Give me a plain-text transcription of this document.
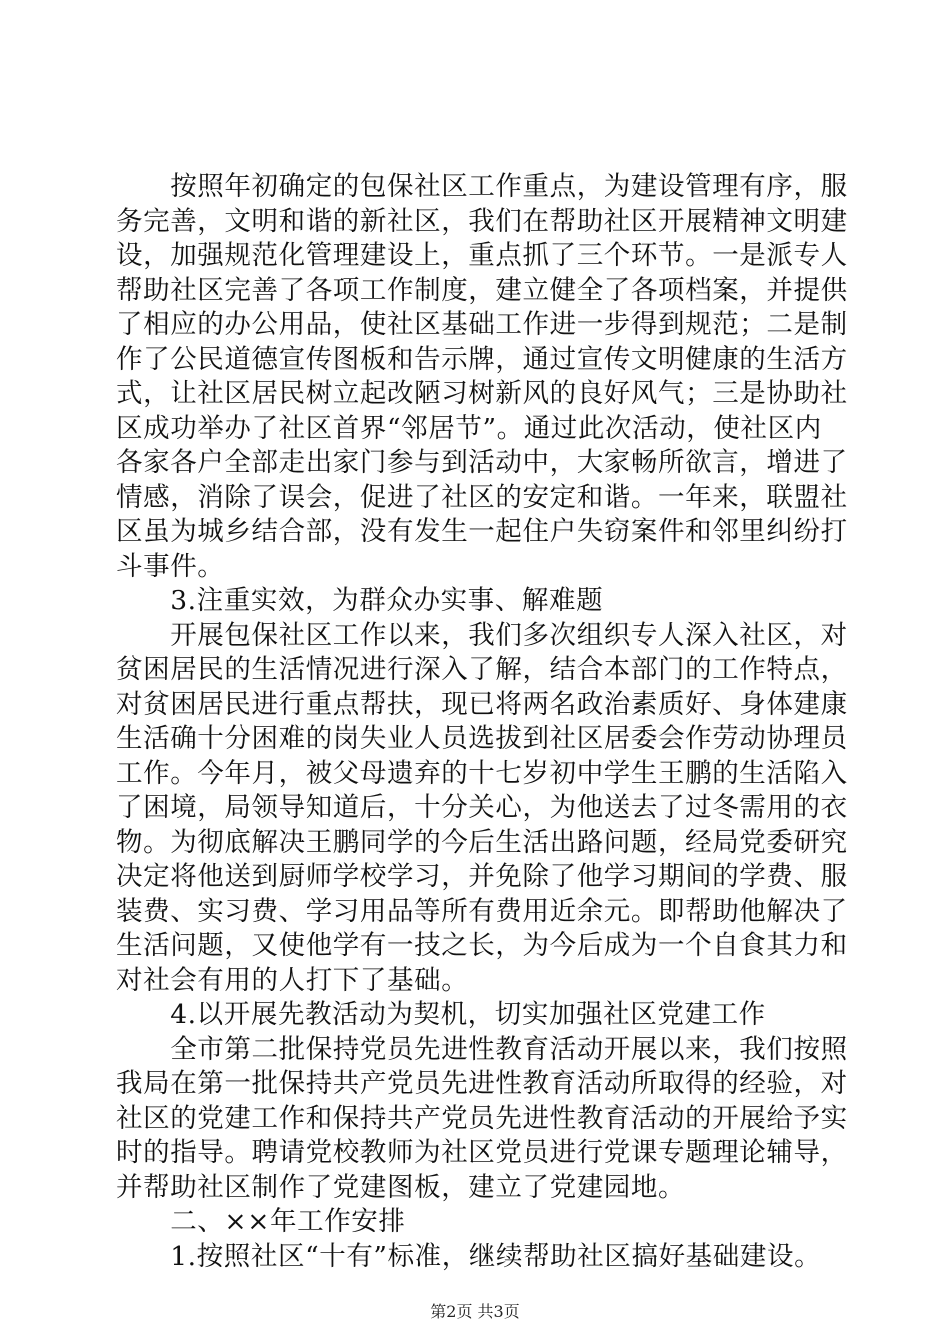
　　按照年初确定的包保社区工作重点，为建设管理有序，服
务完善，文明和谐的新社区，我们在帮助社区开展精神文明建
设，加强规范化管理建设上，重点抓了三个环节。一是派专人
帮助社区完善了各项工作制度，建立健全了各项档案，并提供
了相应的办公用品，使社区基础工作进一步得到规范；二是制
作了公民道德宣传图板和告示牌，通过宣传文明健康的生活方
式，让社区居民树立起改陋习树新风的良好风气；三是协助社
区成功举办了社区首界“邻居节”。通过此次活动，使社区内
各家各户全部走出家门参与到活动中，大家畅所欲言，增进了
情感，消除了误会，促进了社区的安定和谐。一年来，联盟社
区虽为城乡结合部，没有发生一起住户失窃案件和邻里纠纷打
斗事件。
　　3.注重实效，为群众办实事、解难题
　　开展包保社区工作以来，我们多次组织专人深入社区，对
贫困居民的生活情况进行深入了解，结合本部门的工作特点，
对贫困居民进行重点帮扶，现已将两名政治素质好、身体建康
生活确十分困难的岗失业人员选拔到社区居委会作劳动协理员
工作。今年月，被父母遗弃的十七岁初中学生王鹏的生活陷入
了困境，局领导知道后，十分关心，为他送去了过冬需用的衣
物。为彻底解决王鹏同学的今后生活出路问题，经局党委研究
决定将他送到厨师学校学习，并免除了他学习期间的学费、服
装费、实习费、学习用品等所有费用近余元。即帮助他解决了
生活问题，又使他学有一技之长，为今后成为一个自食其力和
对社会有用的人打下了基础。
　　4.以开展先教活动为契机，切实加强社区党建工作
　　全市第二批保持党员先进性教育活动开展以来，我们按照
我局在第一批保持共产党员先进性教育活动所取得的经验，对
社区的党建工作和保持共产党员先进性教育活动的开展给予实
时的指导。聘请党校教师为社区党员进行党课专题理论辅导，
并帮助社区制作了党建图板，建立了党建园地。
　　二、××年工作安排
　　1.按照社区“十有”标准，继续帮助社区搞好基础建设。
第2页 共3页
